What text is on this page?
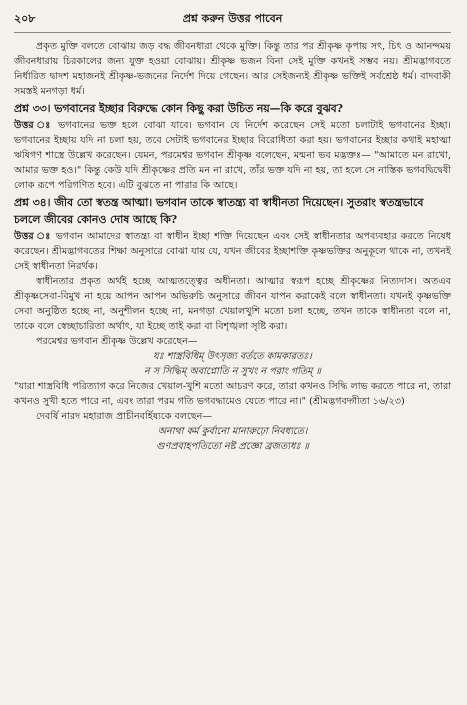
২০৮	প্রশ্ন করুন উত্তর পাবেন

প্রকৃত মুক্তি বলতে বোঝায় জড় বদ্ধ জীবনধারা থেকে মুক্তি। কিন্তু তার পর শ্রীকৃষ্ণ কৃপায় সৎ, চিৎ ও আনন্দময় জীবনধারায় চিরকালের জন্য যুক্ত হওয়া বোঝায়। শ্রীকৃষ্ণ ভজন বিনা সেই মুক্তি কখনই সম্ভব নয়। শ্রীমদ্ভাগবতে নির্ধারিত দ্বাদশ মহাজনই শ্রীকৃষ্ণ-ভজনের নির্দেশ দিয়ে গেছেন। আর সেইজন্যই শ্রীকৃষ্ণ ভক্তিই সর্বশ্রেষ্ঠ ধর্ম। বাদবাকী সমস্তই মনগড়া ধর্ম।

প্রশ্ন ৩৩। ভগবানের ইচ্ছার বিরুদ্ধে কোন কিছু করা উচিত নয়—কি করে বুঝব?

উত্তর ঃ ভগবানের ভক্ত হলে বোঝা যাবে। ভগবান যে নির্দেশ করেছেন সেই মতো চলাটাই ভগবানের ইচ্ছা। ভগবানের ইচ্ছায় যদি না চলা হয়, তবে সেটাই ভগবানের ইচ্ছার বিরোধিতা করা হয়। ভগবানের ইচ্ছার কথাই মহাত্মা ঋষিগণ শাস্ত্রে উল্লেখ করেছেন। যেমন, পরমেশ্বর ভগবান শ্রীকৃষ্ণ বলেছেন, মন্মনা ভব মদ্ভক্তঃ— "আমাতে মন রাখো, আমার ভক্ত হও।" কিন্তু কেউ যদি শ্রীকৃষ্ণের প্রতি মন না রাখে, তাঁর ভক্ত যদি না হয়, তা হলে সে নাস্তিক ভগবদ্বিদ্বেষী লোক রূপে পরিগণিত হবে। এটি বুঝতে না পারার কি আছে।

প্রশ্ন ৩৪। জীব তো স্বতন্ত্র আত্মা। ভগবান তাকে স্বাতন্ত্র্য বা স্বাধীনতা দিয়েছেন। সুতরাং স্বতন্ত্রভাবে চললে জীবের কোনও দোষ আছে কি?

উত্তর ঃ ভগবান আমাদের স্বাতন্ত্র্য বা স্বাধীন ইচ্ছা শক্তি দিয়েছেন এবং সেই স্বাধীনতার অপব্যবহার করতে নিষেধ করেছেন। শ্রীমদ্ভাগবতের শিক্ষা অনুসারে বোঝা যায় যে, যখন জীবের ইচ্ছাশক্তি কৃষ্ণভক্তির অনুকূলে থাকে না, তখনই সেই স্বাধীনতা নিরর্থক।

স্বাধীনতার প্রকৃত অর্থই হচ্ছে আত্মতত্ত্বের অধীনতা। আত্মার স্বরূপ হচ্ছে শ্রীকৃষ্ণের নিত্যদাস। অতএব শ্রীকৃষ্ণসেবা-বিমুখ না হয়ে আপন আপন অভিরুচি অনুসারে জীবন যাপন করাকেই বলে স্বাধীনতা। যখনই কৃষ্ণভক্তি সেবা অনুষ্ঠিত হচ্ছে না, অনুশীলন হচ্ছে না, মনগড়া খেয়ালখুশি মতো চলা হচ্ছে, তখন তাকে স্বাধীনতা বলে না, তাকে বলে স্বেচ্ছাচারিতা অর্থাৎ, যা ইচ্ছে তাই করা বা বিশৃঙ্খলা সৃষ্টি করা।

পরমেশ্বর ভগবান শ্রীকৃষ্ণ উল্লেখ করেছেন—

যঃ শাস্ত্রবিধিম্ উৎসৃজ্য বর্ততে কামকারতঃ।

ন স সিদ্ধিম্ অবাপ্নোতি ন সুখং ন পরাং গতিম্ ॥

"যারা শাস্ত্রবিধি পরিত্যাগ করে নিজের খেয়াল-খুশি মতো আচরণ করে, তারা কখনও সিদ্ধি লাভ করতে পারে না, তারা কখনও সুখী হতে পারে না, এবং তারা পরম গতি ভগবদ্ধামেও যেতে পারে না।" (শ্রীমদ্ভগবদ্গীতা ১৬/২৩)

দেবর্ষি নারদ মহারাজ প্রাচীনবর্হিষ্যকে বলছেন—

অনাথা কর্ম কুর্বানো মানারুঢ়ো নিবধ্যতে।

গুণপ্রবাহপতিতো নষ্ট প্রজ্ঞো ব্রজত্যধঃ ॥
